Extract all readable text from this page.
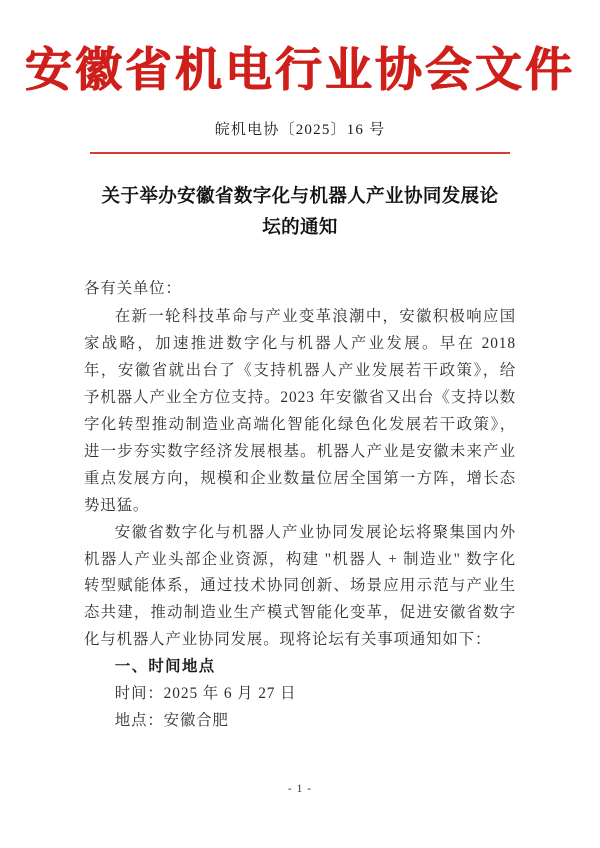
安徽省机电行业协会文件
皖机电协〔2025〕16 号
关于举办安徽省数字化与机器人产业协同发展论坛的通知

各有关单位：

在新一轮科技革命与产业变革浪潮中，安徽积极响应国家战略，加速推进数字化与机器人产业发展。早在 2018 年，安徽省就出台了《支持机器人产业发展若干政策》，给予机器人产业全方位支持。2023 年安徽省又出台《支持以数字化转型推动制造业高端化智能化绿色化发展若干政策》，进一步夯实数字经济发展根基。机器人产业是安徽未来产业重点发展方向，规模和企业数量位居全国第一方阵，增长态势迅猛。

安徽省数字化与机器人产业协同发展论坛将聚集国内外机器人产业头部企业资源，构建 "机器人 + 制造业" 数字化转型赋能体系，通过技术协同创新、场景应用示范与产业生态共建，推动制造业生产模式智能化变革，促进安徽省数字化与机器人产业协同发展。现将论坛有关事项通知如下：

一、时间地点

时间：2025 年 6 月 27 日

地点：安徽合肥

- 1 -
